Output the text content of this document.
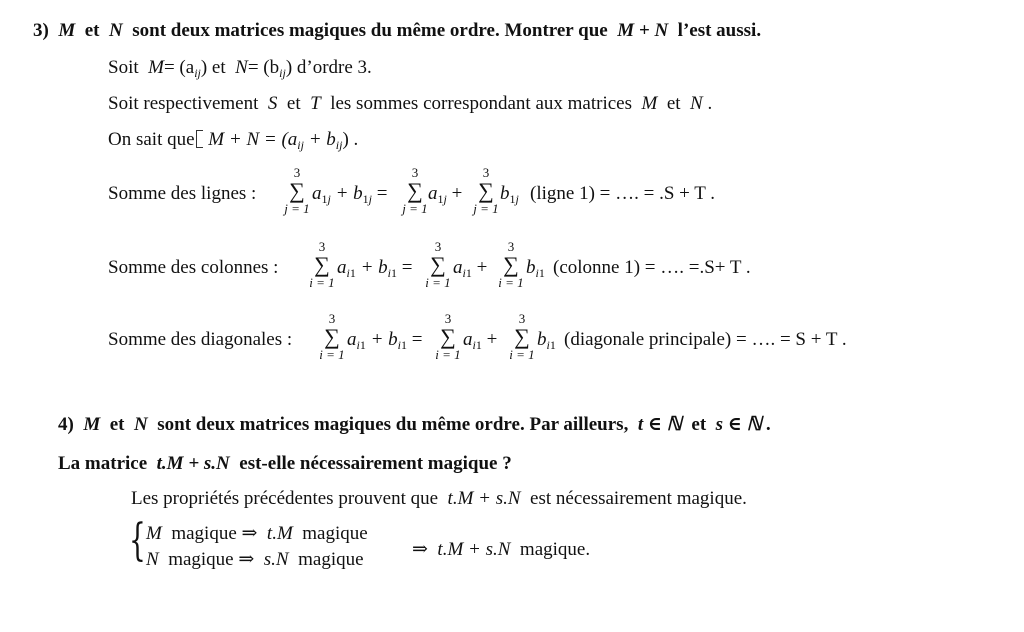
3) M et N sont deux matrices magiques du même ordre. Montrer que M + N l’est aussi.
Soit $M= (a_{ij})$ et $N= (b_{ij})$ d’ordre 3.
Soit respectivement S et T les sommes correspondant aux matrices M et N .
On sait que $M + N = (a_{ij} + b_{ij})$ .
Somme des lignes :
3
∑
j = 1
$a_{1j} + b_{1j}$ =
3
∑
j = 1
$a_{1j}$ +
3
∑
j = 1
$b_{1j}$ (ligne 1) = …. = .S + T .
Somme des colonnes :
3
∑
i = 1
$a_{i1} + b_{i1}$ =
3
∑
i = 1
$a_{i1}$ +
3
∑
i = 1
$b_{i1}$ (colonne 1) = …. =.S+ T .
Somme des diagonales :
3
∑
i = 1
$a_{i1} + b_{i1}$ =
3
∑
i = 1
$a_{i1}$ +
3
∑
i = 1
$b_{i1}$ (diagonale principale) = …. = S + T .
4) M et N sont deux matrices magiques du même ordre. Par ailleurs, t ∈ ℕ et s ∈ ℕ .
La matrice t.M + s.N est-elle nécessairement magique ?
Les propriétés précédentes prouvent que t.M + s.N est nécessairement magique.
{ M magique ⇒ t.M magique
N magique ⇒ s.N magique	⇒ t.M + s.N magique.
